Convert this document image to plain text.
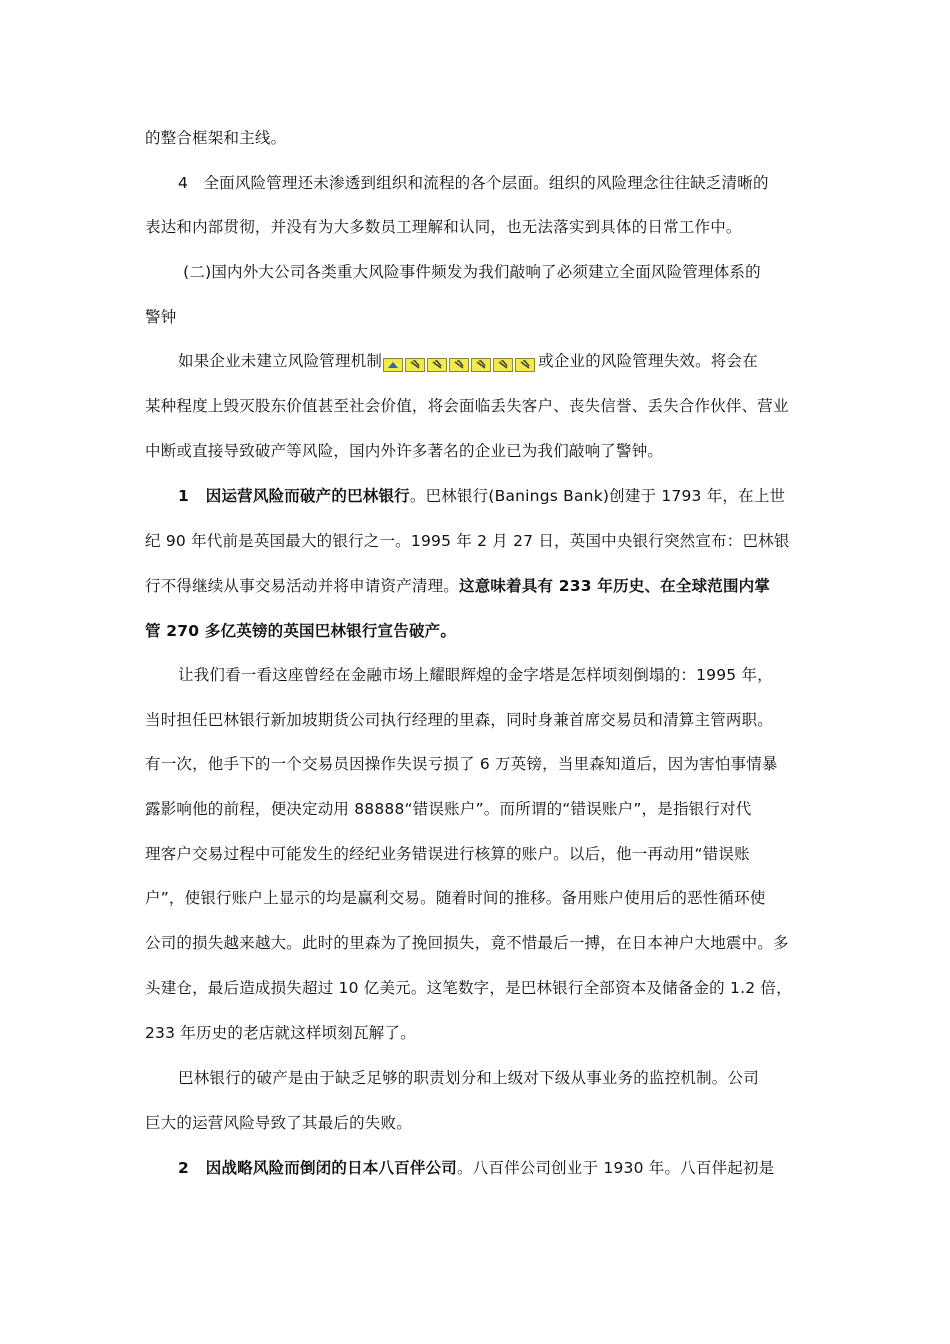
的整合框架和主线。
4   全面风险管理还未渗透到组织和流程的各个层面。组织的风险理念往往缺乏清晰的
表达和内部贯彻，并没有为大多数员工理解和认同，也无法落实到具体的日常工作中。
(二)国内外大公司各类重大风险事件频发为我们敲响了必须建立全面风险管理体系的
警钟
如果企业未建立风险管理机制	或企业的风险管理失效。将会在
某种程度上毁灭股东价值甚至社会价值，将会面临丢失客户、丧失信誉、丢失合作伙伴、营业
中断或直接导致破产等风险，国内外许多著名的企业已为我们敲响了警钟。
1   因运营风险而破产的巴林银行。巴林银行(Banings Bank)创建于 1793 年，在上世
纪 90 年代前是英国最大的银行之一。1995 年 2 月 27 日，英国中央银行突然宣布：巴林银
行不得继续从事交易活动并将申请资产清理。这意味着具有 233 年历史、在全球范围内掌
管 270 多亿英镑的英国巴林银行宣告破产。
让我们看一看这座曾经在金融市场上耀眼辉煌的金字塔是怎样顷刻倒塌的：1995 年，
当时担任巴林银行新加坡期货公司执行经理的里森，同时身兼首席交易员和清算主管两职。
有一次，他手下的一个交易员因操作失误亏损了 6 万英镑，当里森知道后，因为害怕事情暴
露影响他的前程，便决定动用 88888“错误账户”。而所谓的“错误账户”，是指银行对代
理客户交易过程中可能发生的经纪业务错误进行核算的账户。以后，他一再动用“错误账
户”，使银行账户上显示的均是赢利交易。随着时间的推移。备用账户使用后的恶性循环使
公司的损失越来越大。此时的里森为了挽回损失，竟不惜最后一搏，在日本神户大地震中。多
头建仓，最后造成损失超过 10 亿美元。这笔数字，是巴林银行全部资本及储备金的 1.2 倍，
233 年历史的老店就这样顷刻瓦解了。
巴林银行的破产是由于缺乏足够的职责划分和上级对下级从事业务的监控机制。公司
巨大的运营风险导致了其最后的失败。
2   因战略风险而倒闭的日本八百伴公司。八百伴公司创业于 1930 年。八百伴起初是
